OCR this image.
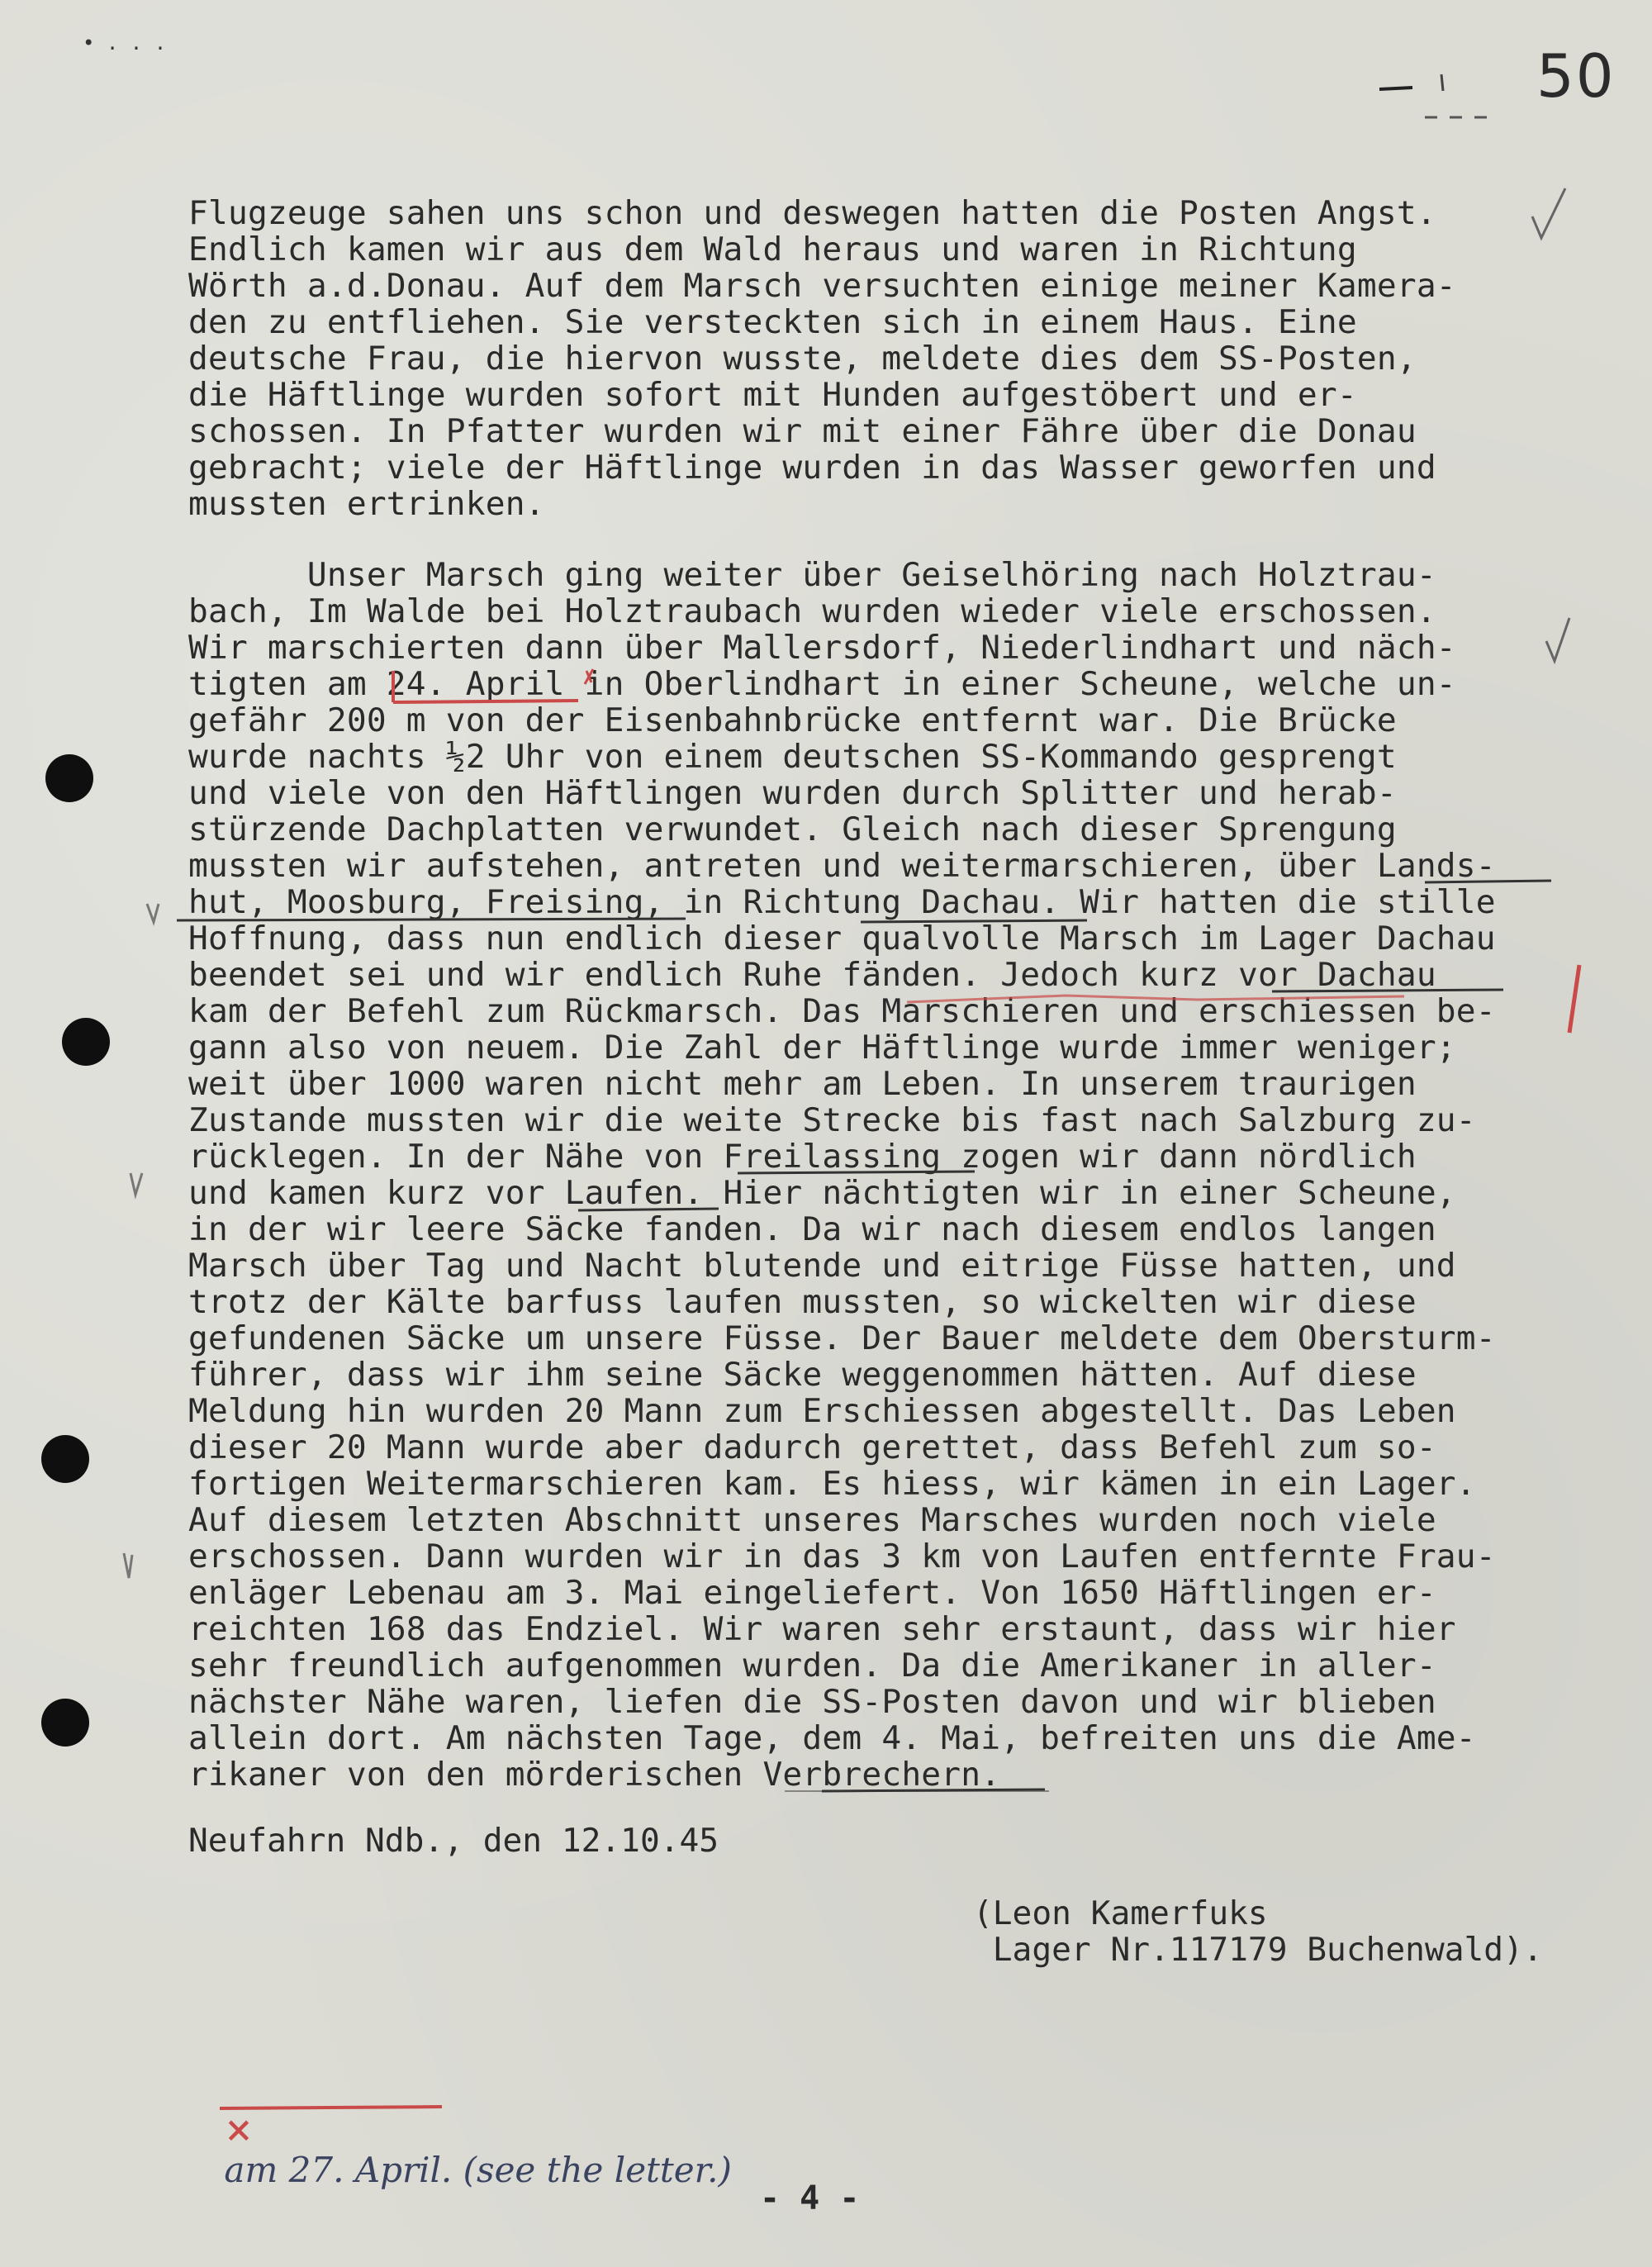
• . . .	50
Flugzeuge sahen uns schon und deswegen hatten die Posten Angst.
Endlich kamen wir aus dem Wald heraus und waren in Richtung
Wörth a.d.Donau. Auf dem Marsch versuchten einige meiner Kamera-
den zu entfliehen. Sie versteckten sich in einem Haus. Eine
deutsche Frau, die hiervon wusste, meldete dies dem SS-Posten,
die Häftlinge wurden sofort mit Hunden aufgestöbert und er-
schossen. In Pfatter wurden wir mit einer Fähre über die Donau
gebracht; viele der Häftlinge wurden in das Wasser geworfen und
mussten ertrinken.
Unser Marsch ging weiter über Geiselhöring nach Holztrau-
bach, Im Walde bei Holztraubach wurden wieder viele erschossen.
Wir marschierten dann über Mallersdorf, Niederlindhart und näch-
tigten am 24. April in Oberlindhart in einer Scheune, welche un-
gefähr 200 m von der Eisenbahnbrücke entfernt war. Die Brücke
wurde nachts ½2 Uhr von einem deutschen SS-Kommando gesprengt
und viele von den Häftlingen wurden durch Splitter und herab-
stürzende Dachplatten verwundet. Gleich nach dieser Sprengung
mussten wir aufstehen, antreten und weitermarschieren, über Lands-
hut, Moosburg, Freising, in Richtung Dachau. Wir hatten die stille
Hoffnung, dass nun endlich dieser qualvolle Marsch im Lager Dachau
beendet sei und wir endlich Ruhe fänden. Jedoch kurz vor Dachau
kam der Befehl zum Rückmarsch. Das Marschieren und erschiessen be-
gann also von neuem. Die Zahl der Häftlinge wurde immer weniger;
weit über 1000 waren nicht mehr am Leben. In unserem traurigen
Zustande mussten wir die weite Strecke bis fast nach Salzburg zu-
rücklegen. In der Nähe von Freilassing zogen wir dann nördlich
und kamen kurz vor Laufen. Hier nächtigten wir in einer Scheune,
in der wir leere Säcke fanden. Da wir nach diesem endlos langen
Marsch über Tag und Nacht blutende und eitrige Füsse hatten, und
trotz der Kälte barfuss laufen mussten, so wickelten wir diese
gefundenen Säcke um unsere Füsse. Der Bauer meldete dem Obersturm-
führer, dass wir ihm seine Säcke weggenommen hätten. Auf diese
Meldung hin wurden 20 Mann zum Erschiessen abgestellt. Das Leben
dieser 20 Mann wurde aber dadurch gerettet, dass Befehl zum so-
fortigen Weitermarschieren kam. Es hiess, wir kämen in ein Lager.
Auf diesem letzten Abschnitt unseres Marsches wurden noch viele
erschossen. Dann wurden wir in das 3 km von Laufen entfernte Frau-
enläger Lebenau am 3. Mai eingeliefert. Von 1650 Häftlingen er-
reichten 168 das Endziel. Wir waren sehr erstaunt, dass wir hier
sehr freundlich aufgenommen wurden. Da die Amerikaner in aller-
nächster Nähe waren, liefen die SS-Posten davon und wir blieben
allein dort. Am nächsten Tage, dem 4. Mai, befreiten uns die Ame-
rikaner von den mörderischen Verbrechern.
Neufahrn Ndb., den 12.10.45
(Leon Kamerfuks
Lager Nr.117179 Buchenwald).

×
am 27. April. (see the letter.)

- 4 -
